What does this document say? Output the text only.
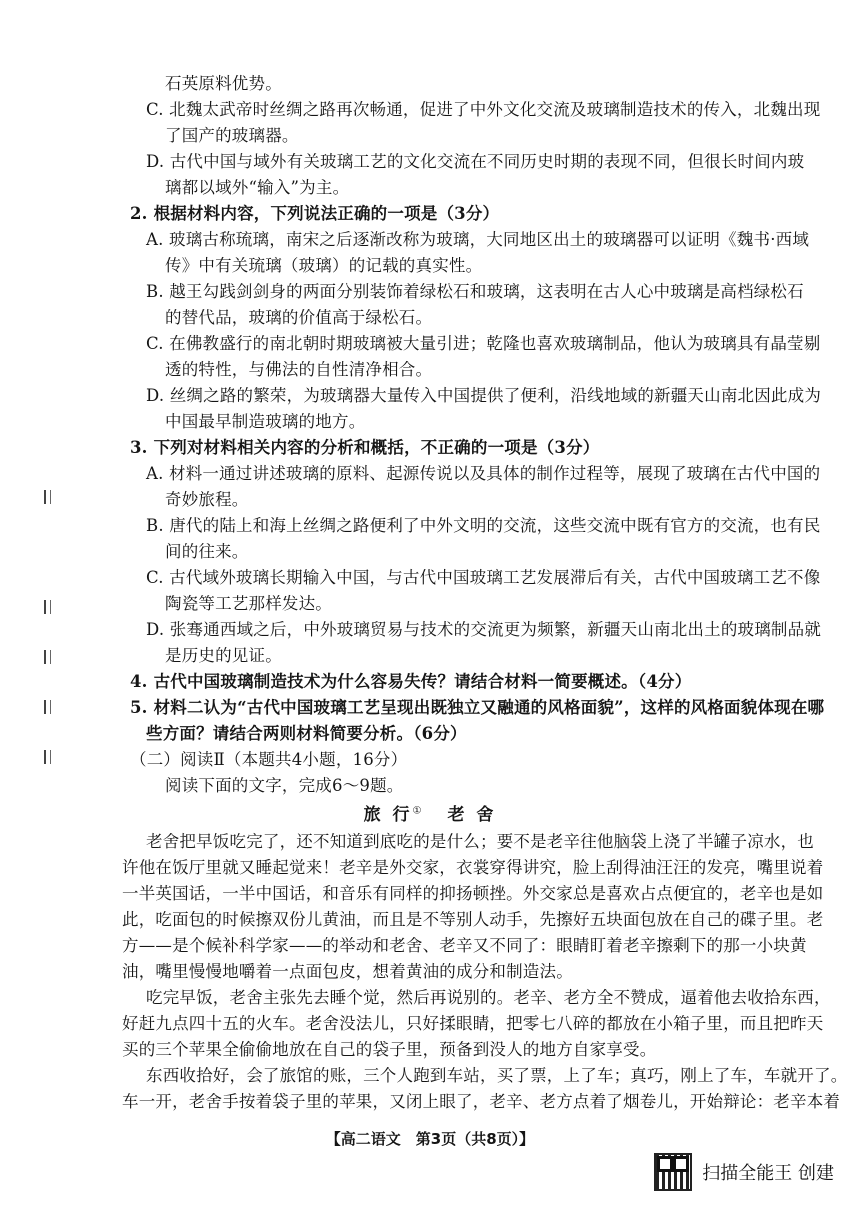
石英原料优势。
C. 北魏太武帝时丝绸之路再次畅通，促进了中外文化交流及玻璃制造技术的传入，北魏出现
了国产的玻璃器。
D. 古代中国与域外有关玻璃工艺的文化交流在不同历史时期的表现不同，但很长时间内玻
璃都以域外“输入”为主。
2. 根据材料内容，下列说法正确的一项是（3分）
A. 玻璃古称琉璃，南宋之后逐渐改称为玻璃，大同地区出土的玻璃器可以证明《魏书·西域
传》中有关琉璃（玻璃）的记载的真实性。
B. 越王勾践剑剑身的两面分别装饰着绿松石和玻璃，这表明在古人心中玻璃是高档绿松石
的替代品，玻璃的价值高于绿松石。
C. 在佛教盛行的南北朝时期玻璃被大量引进；乾隆也喜欢玻璃制品，他认为玻璃具有晶莹剔
透的特性，与佛法的自性清净相合。
D. 丝绸之路的繁荣，为玻璃器大量传入中国提供了便利，沿线地域的新疆天山南北因此成为
中国最早制造玻璃的地方。
3. 下列对材料相关内容的分析和概括，不正确的一项是（3分）
A. 材料一通过讲述玻璃的原料、起源传说以及具体的制作过程等，展现了玻璃在古代中国的
奇妙旅程。
B. 唐代的陆上和海上丝绸之路便利了中外文明的交流，这些交流中既有官方的交流，也有民
间的往来。
C. 古代域外玻璃长期输入中国，与古代中国玻璃工艺发展滞后有关，古代中国玻璃工艺不像
陶瓷等工艺那样发达。
D. 张骞通西域之后，中外玻璃贸易与技术的交流更为频繁，新疆天山南北出土的玻璃制品就
是历史的见证。
4. 古代中国玻璃制造技术为什么容易失传？请结合材料一简要概述。（4分）
5. 材料二认为“古代中国玻璃工艺呈现出既独立又融通的风格面貌”，这样的风格面貌体现在哪
些方面？请结合两则材料简要分析。（6分）
（二）阅读Ⅱ（本题共4小题，16分）
阅读下面的文字，完成6～9题。
老舍把早饭吃完了，还不知道到底吃的是什么；要不是老辛往他脑袋上浇了半罐子凉水，也
许他在饭厅里就又睡起觉来！老辛是外交家，衣裳穿得讲究，脸上刮得油汪汪的发亮，嘴里说着
一半英国话，一半中国话，和音乐有同样的抑扬顿挫。外交家总是喜欢占点便宜的，老辛也是如
此，吃面包的时候擦双份儿黄油，而且是不等别人动手，先擦好五块面包放在自己的碟子里。老
方——是个候补科学家——的举动和老舍、老辛又不同了：眼睛盯着老辛擦剩下的那一小块黄
油，嘴里慢慢地嚼着一点面包皮，想着黄油的成分和制造法。
吃完早饭，老舍主张先去睡个觉，然后再说别的。老辛、老方全不赞成，逼着他去收拾东西，
好赶九点四十五的火车。老舍没法儿，只好揉眼睛，把零七八碎的都放在小箱子里，而且把昨天
买的三个苹果全偷偷地放在自己的袋子里，预备到没人的地方自家享受。
东西收拾好，会了旅馆的账，三个人跑到车站，买了票，上了车；真巧，刚上了车，车就开了。
车一开，老舍手按着袋子里的苹果，又闭上眼了，老辛、老方点着了烟卷儿，开始辩论：老辛本着
旅 行① 老 舍
【高二语文　第3页（共8页）】
扫描全能王 创建
